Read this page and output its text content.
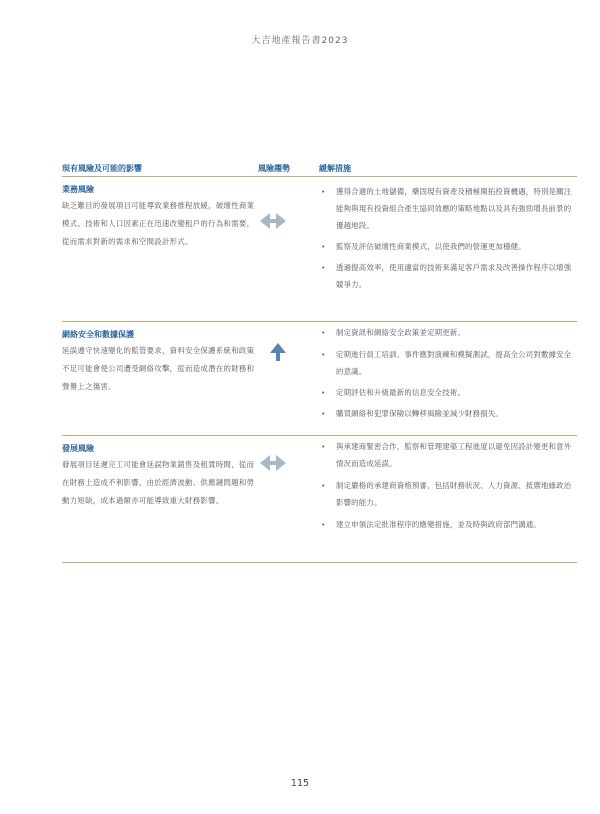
大吉地產報告書2023
現有風險及可能的影響	風險趨勢	緩解措施
業務風險
缺乏難目的發展項目可能導致業務推程放緩，破壞性商業模式、技術和人口因素正在迅速改變租戶的行為和需要，從而需求對新的需求和空間設計形式。
• 獲得合適的土地儲備，藥固現有資產及積極開拓投資機遇，特別是關注能夠與現有投資組合產生協同效應的策略地點以及具有強勁增長前景的優越地段。
• 監察及評估破壞性商業模式，以使我們的營運更加穩健。
• 透過提高效率，使用適當的技術來滿足客戶需求及改善操作程序以增強競爭力。
網絡安全和數據保護
延誤遵守快速變化的監管要求，資料安全保護系統和政策不足可能會使公司遭受網絡攻擊，從而造成潛在的財務和聲譽上之傷害。
• 制定資訊和網絡安全政策並定期更新。
• 定期進行員工培訓、事件應對演練和模擬測試，提高全公司對數據安全的意識。
• 定期評估和升級最新的信息安全技術。
• 購買網絡和犯罪保險以轉移風險並減少財務損失。
發展風險
發展項目延遲完工可能會延誤物業銷售及租賃時間，從而在財務上造成不利影響。由於經濟波動、供應鏈問題和勞動力短缺，成本過額亦可能導致重大財務影響。
• 與承建商緊密合作，監察和管理建築工程進度以避免因設計變更和意外情況而造成延誤。
• 制定嚴格的承建商資格預審，包括財務狀況、人力資源、抵禦地緣政治影響的能力。
• 建立申領法定批准程序的應變措施，並及時與政府部門溝通。
115
